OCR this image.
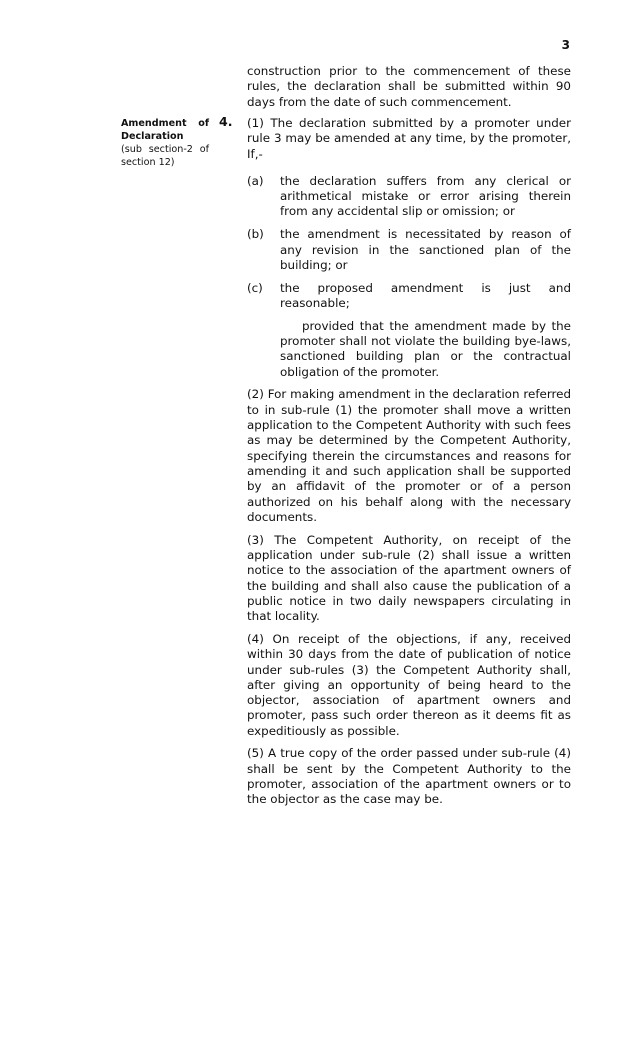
3

construction prior to the commencement of these rules, the declaration shall be submitted within 90 days from the date of such commencement.

Amendment of Declaration
(sub section-2 of section 12)
4. (1) The declaration submitted by a promoter under rule 3 may be amended at any time, by the promoter, If,-

(a)	the declaration suffers from any clerical or arithmetical mistake or error arising therein from any accidental slip or omission; or
(b)	the amendment is necessitated by reason of any revision in the sanctioned plan of the building; or
(c)	the proposed amendment is just and reasonable;

provided that the amendment made by the promoter shall not violate the building bye-laws, sanctioned building plan or the contractual obligation of the promoter.

(2) For making amendment in the declaration referred to in sub-rule (1) the promoter shall move a written application to the Competent Authority with such fees as may be determined by the Competent Authority, specifying therein the circumstances and reasons for amending it and such application shall be supported by an affidavit of the promoter or of a person authorized on his behalf along with the necessary documents.

(3) The Competent Authority, on receipt of the application under sub-rule (2) shall issue a written notice to the association of the apartment owners of the building and shall also cause the publication of a public notice in two daily newspapers circulating in that locality.

(4) On receipt of the objections, if any, received within 30 days from the date of publication of notice under sub-rules (3) the Competent Authority shall, after giving an opportunity of being heard to the objector, association of apartment owners and promoter, pass such order thereon as it deems fit as expeditiously as possible.

(5) A true copy of the order passed under sub-rule (4) shall be sent by the Competent Authority to the promoter, association of the apartment owners or to the objector as the case may be.
